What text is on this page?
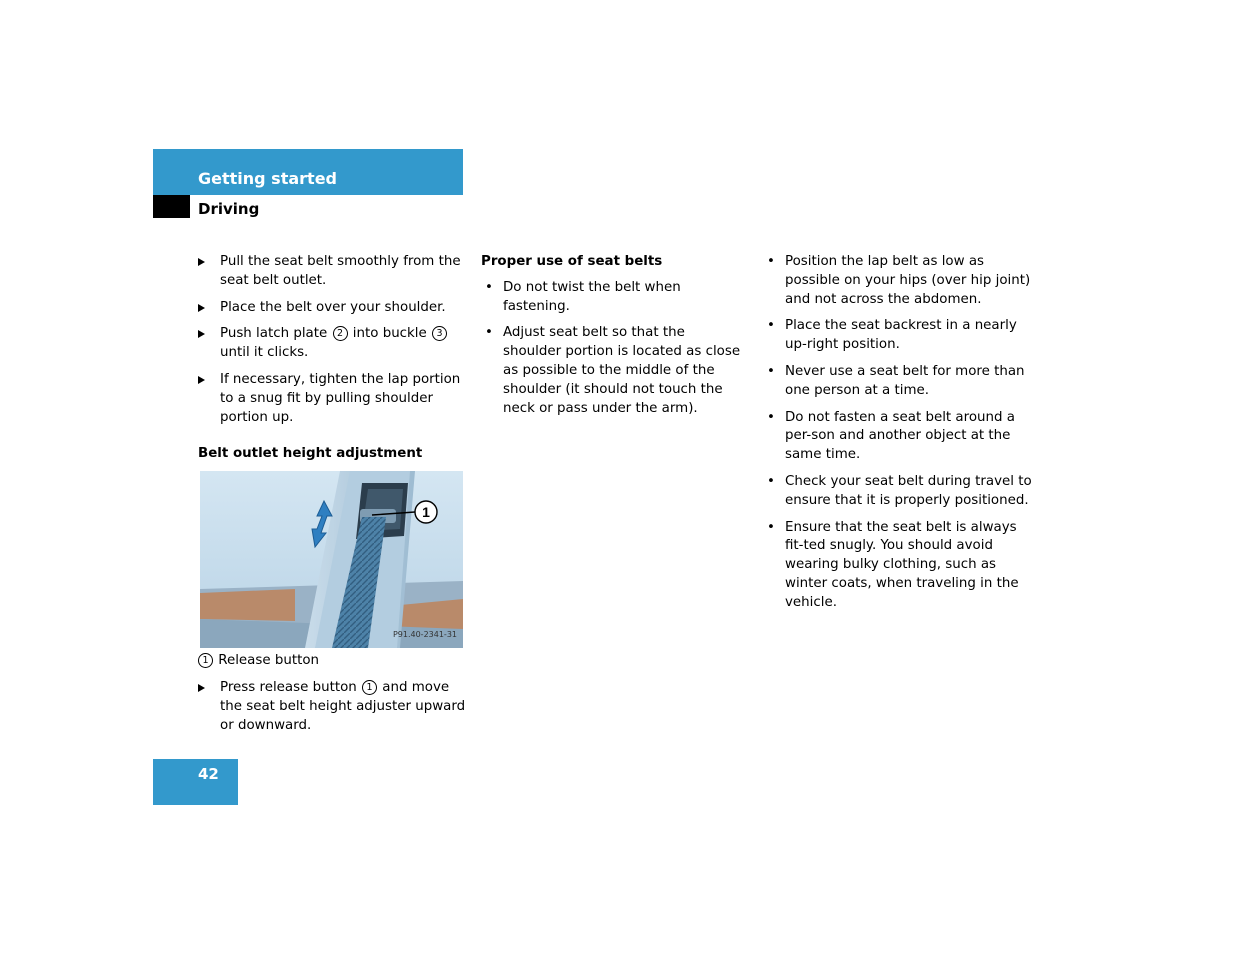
Getting started
Driving
Pull the seat belt smoothly from the seat belt outlet.
Place the belt over your shoulder.
Push latch plate 2 into buckle 3 until it clicks.
If necessary, tighten the lap portion to a snug fit by pulling shoulder portion up.
Belt outlet height adjustment
1
P91.40-2341-31
1 Release button
Press release button 1 and move the seat belt height adjuster upward or downward.
Proper use of seat belts
• Do not twist the belt when fastening.
• Adjust seat belt so that the shoulder portion is located as close as possible to the middle of the shoulder (it should not touch the neck or pass under the arm).
• Position the lap belt as low as possible on your hips (over hip joint) and not across the abdomen.
• Place the seat backrest in a nearly up-right position.
• Never use a seat belt for more than one person at a time.
• Do not fasten a seat belt around a per-son and another object at the same time.
• Check your seat belt during travel to ensure that it is properly positioned.
• Ensure that the seat belt is always fit-ted snugly. You should avoid wearing bulky clothing, such as winter coats, when traveling in the vehicle.
42
